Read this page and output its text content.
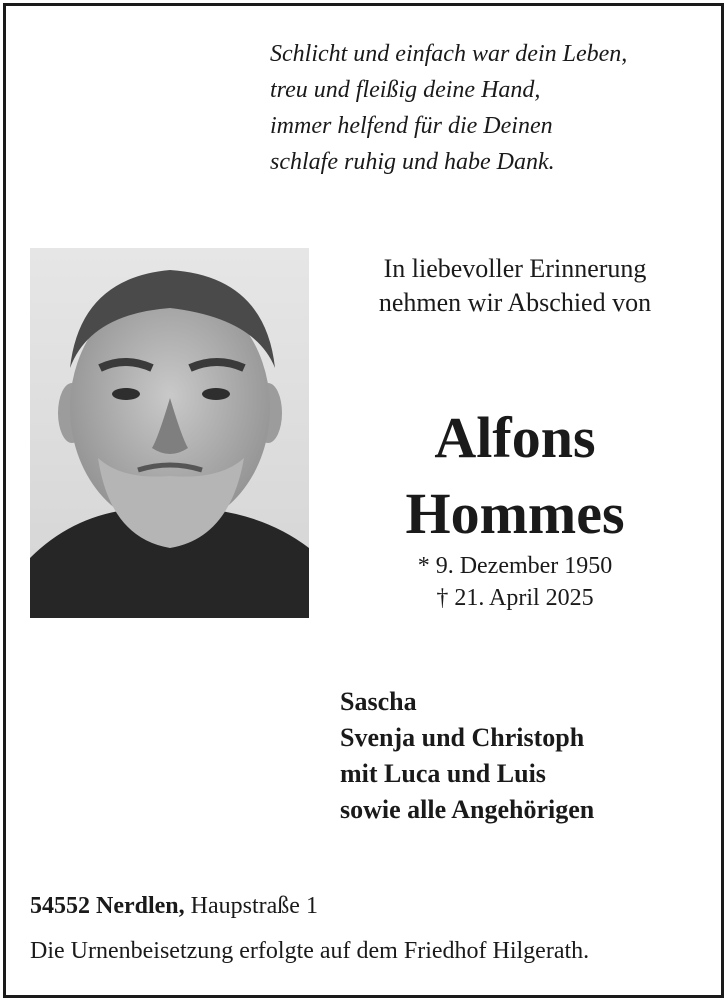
Schlicht und einfach war dein Leben,
treu und fleißig deine Hand,
immer helfend für die Deinen
schlafe ruhig und habe Dank.
In liebevoller Erinnerung
nehmen wir Abschied von
Alfons
Hommes
* 9. Dezember 1950
† 21. April 2025
Sascha
Svenja und Christoph
mit Luca und Luis
sowie alle Angehörigen
54552 Nerdlen, Haupstraße 1
Die Urnenbeisetzung erfolgte auf dem Friedhof Hilgerath.
